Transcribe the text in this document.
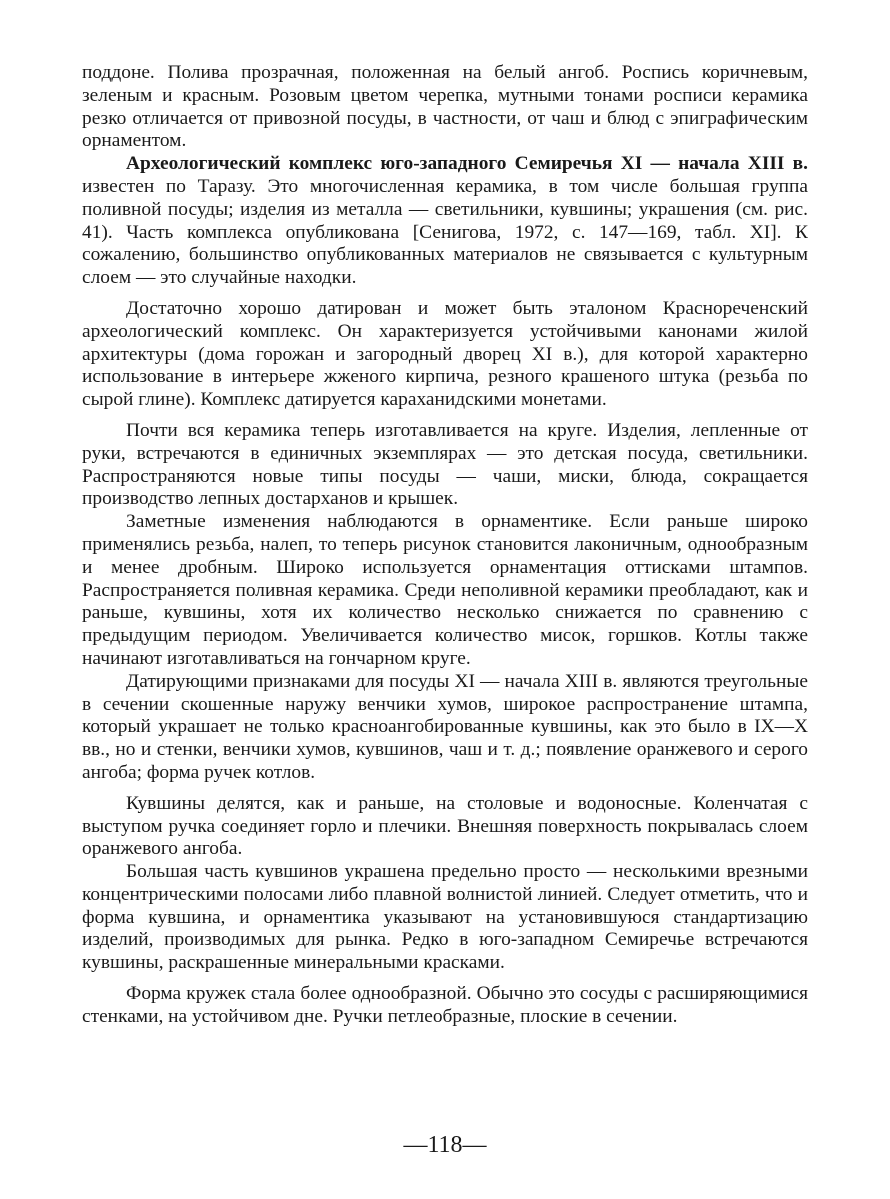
поддоне. Полива прозрачная, положенная на белый ангоб. Роспись коричневым, зеленым и красным. Розовым цветом черепка, мутными тонами росписи керамика резко отличается от привозной посуды, в частности, от чаш и блюд с эпиграфическим орнаментом.

Археологический комплекс юго-западного Семиречья XI — начала XIII в. известен по Таразу. Это многочисленная керамика, в том числе большая группа поливной посуды; изделия из металла — светильники, кувшины; украшения (см. рис. 41). Часть комплекса опубликована [Сенигова, 1972, с. 147—169, табл. XI]. К сожалению, большинство опубликованных материалов не связывается с культурным слоем — это случайные находки.

Достаточно хорошо датирован и может быть эталоном Краснореченский археологический комплекс. Он характеризуется устойчивыми канонами жилой архитектуры (дома горожан и загородный дворец XI в.), для которой характерно использование в интерьере жженого кирпича, резного крашеного штука (резьба по сырой глине). Комплекс датируется караханидскими монетами.

Почти вся керамика теперь изготавливается на круге. Изделия, лепленные от руки, встречаются в единичных экземплярах — это детская посуда, светильники. Распространяются новые типы посуды — чаши, миски, блюда, сокращается производство лепных достарханов и крышек.

Заметные изменения наблюдаются в орнаментике. Если раньше широко применялись резьба, налеп, то теперь рисунок становится лаконичным, однообразным и менее дробным. Широко используется орнаментация оттисками штампов. Распространяется поливная керамика. Среди неполивной керамики преобладают, как и раньше, кувшины, хотя их количество несколько снижается по сравнению с предыдущим периодом. Увеличивается количество мисок, горшков. Котлы также начинают изготавливаться на гончарном круге.

Датирующими признаками для посуды XI — начала XIII в. являются треугольные в сечении скошенные наружу венчики хумов, широкое распространение штампа, который украшает не только красноангобированные кувшины, как это было в IX—X вв., но и стенки, венчики хумов, кувшинов, чаш и т. д.; появление оранжевого и серого ангоба; форма ручек котлов.

Кувшины делятся, как и раньше, на столовые и водоносные. Коленчатая с выступом ручка соединяет горло и плечики. Внешняя поверхность покрывалась слоем оранжевого ангоба.

Большая часть кувшинов украшена предельно просто — несколькими врезными концентрическими полосами либо плавной волнистой линией. Следует отметить, что и форма кувшина, и орнаментика указывают на установившуюся стандартизацию изделий, производимых для рынка. Редко в юго-западном Семиречье встречаются кувшины, раскрашенные минеральными красками.

Форма кружек стала более однообразной. Обычно это сосуды с расширяющимися стенками, на устойчивом дне. Ручки петлеобразные, плоские в сечении.

—118—
